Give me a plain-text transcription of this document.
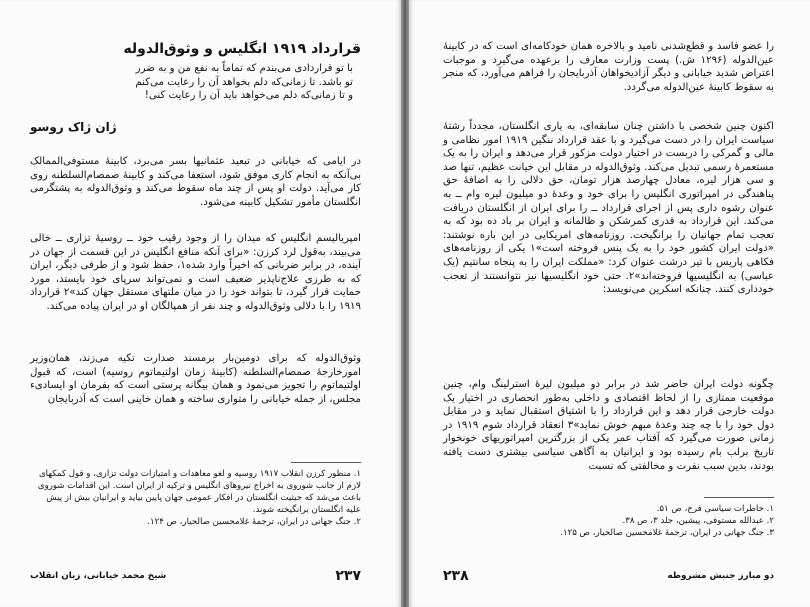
قرارداد ۱۹۱۹ انگلیس و وثوق‌الدوله
با تو قراردادی می‌بندم که تماماً به نفع من و به ضرر
تو باشد. تا زمانی‌که دلم بخواهد آن را رعایت می‌کنم
و تا زمانی‌که دلم می‌خواهد باید آن را رعایت کنی!
ژان ژاک روسو

در ایامی که خیابانی در تبعید عثمانیها بسر می‌برد، کابینهٔ مستوفی‌الممالک بی‌آنکه به انجام کاری موفق شود، استعفا می‌کند و کابینهٔ صمصام‌السلطنه روی کار می‌آید. دولت او پس از چند ماه سقوط می‌کند و وثوق‌الدوله به پشتگرمی انگلستان مأمور تشکیل کابینه می‌شود.

امپریالیسم انگلیس که میدان را از وجود رقیب خود ــ روسیهٔ تزاری ــ خالی می‌بیند، به‌قول لرد کرزن: «برای آنکه منافع انگلیس در این قسمت از جهان در آینده، در برابر ضربانی که اخیراً وارد شده۱، حفظ شود و از طرفی دیگر، ایران که به طرزی علاج‌ناپذیر ضعیف است و نمی‌تواند سرپای خود بایستد، مورد حمایت قرار گیرد، تا بتواند خود را در میان ملتهای مستقل جهان کند»۲ قرارداد ۱۹۱۹ را با دلالی وثوق‌الدوله و چند نفر از همپالگان او در ایران پیاده می‌کند.

وثوق‌الدوله که برای دومین‌بار برمسند صدارت تکیه می‌زند، همان‌وزیر امورخارجهٔ صمصام‌السلطنه (کابینهٔ زمان اولتیماتوم روسیه) است، که قبول اولتیماتوم را تجویز می‌نمود و همان بیگانه پرستی است که بفرمان او ایسادیء مجلس، از جمله خیابانی را متواری ساخته و همان خاینی است که آذربایجان

۱. منظور کرزن انقلاب ۱۹۱۷ روسیه و لغو معاهدات و امتیازات دولت تزاری، و قول کمکهای لازم از جانب شوروی به اخراج نیروهای انگلیس و ترکیه از ایران است. این اقدامات شوروی باعث می‌شد که حیثیت انگلستان در افکار عمومی جهان پایین بیاید و ایرانیان بیش از پیش علیه انگلستان برانگیخته شوند.

۲. جنگ جهانی در ایران، ترجمهٔ غلامحسین صالحیار، ص ۱۲۴.

۲۳۷
شیخ محمد خیابانی، زبان انقلاب

را عضو فاسد و قطع‌شدنی نامید و بالاخره همان خودکامه‌ای است که در کابینهٔ عین‌الدوله (۱۲۹۶ ش.) پست وزارت معارف را برعهده می‌گیرد و موجبات اعتراض شدید خیابانی و دیگر آزادیخواهان آذربایجان را فراهم می‌آورد، که منجر به سقوط کابینهٔ عین‌الدوله می‌گردد.

اکنون چنین شخصی با داشتن چنان سابقه‌ای، به یاری انگلستان، مجدداً رشتهٔ سیاست ایران را در دست می‌گیرد و با عقد قرارداد ننگین ۱۹۱۹ امور نظامی و مالی و گمرکی را دربست در اختیار دولت مزکور قرار می‌دهد و ایران را به یک مستعمرهٔ رسمی تبدیل می‌کند. وثوق‌الدوله در مقابل این خیانت عظیم، تنها صد و سی هزار لیره، معادل چهارصد هزار تومان، حق دلالی را به اضافهٔ حق پناهندگی در امپراتوری انگلیس را برای خود و وعدهٔ دو میلیون لیره وام ــ به عنوان رشوه داری پس از اجرای قرارداد ــ را برای ایران از انگلستان دریافت می‌کند. این قرارداد به قدری کمرشکن و ظالمانه و ایران بر باد ده بود که به تعجب تمام جهانیان را برانگیخت. روزنامه‌های امریکایی در این باره نوشتند: «دولت ایران کشور خود را به یک پنس فروخته است»۱ یکی از روزنامه‌های فکاهی پاریس با تیر درشت عنوان کرد: «مملکت ایران را به پنجاه سانتیم (یک عباسی) به انگلیسیها فروخته‌اند»۲. حتی خود انگلیسیها نیز نتوانستند از تعجب خودداری کنند. چنانکه اسکرین می‌نویسد:

چگونه دولت ایران حاضر شد در برابر دو میلیون لیرهٔ استرلینگ وام، چنین موقعیت ممتازی را از لحاظ اقتصادی و داخلی به‌طور انحصاری در اختیار یک دولت خارجی قرار دهد و این قرارداد را با اشتیاق استقبال نماید و در مقابل دول خود را با چه چند وعدهٔ مبهم خوش نماید»۳ انعقاد قرارداد شوم ۱۹۱۹ در زمانی صورت می‌گیرد که آفتاب عمر یکی از بزرگترین امپراتوریهای خونخوار تاریخ برلب بام رسیده بود و ایرانیان به آگاهی سیاسی بیشتری دست یافته بودند، بدین سبب نفرت و مخالفتی که نسبت

۱. خاطرات سیاسی فرخ، ص ۵۱.

۲. عبدالله مستوفی، پیشین، جلد ۳، ص ۳۸.

۳. جنگ جهانی در ایران، ترجمهٔ غلامحسین صالحیار، ص ۱۲۵.

دو مبارز جنبش مشروطه
۲۳۸
